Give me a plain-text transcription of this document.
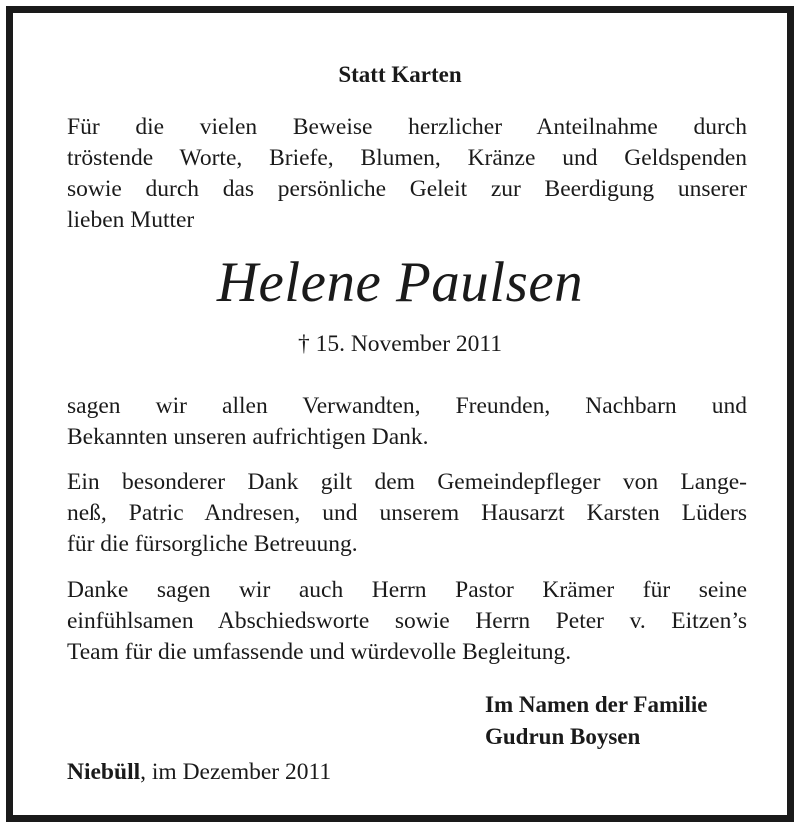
Statt Karten
Für die vielen Beweise herzlicher Anteilnahme durch
tröstende Worte, Briefe, Blumen, Kränze und Geldspenden
sowie durch das persönliche Geleit zur Beerdigung unserer
lieben Mutter
Helene Paulsen
† 15. November 2011
sagen wir allen Verwandten, Freunden, Nachbarn und
Bekannten unseren aufrichtigen Dank.
Ein besonderer Dank gilt dem Gemeindepfleger von Lange-
neß, Patric Andresen, und unserem Hausarzt Karsten Lüders
für die fürsorgliche Betreuung.
Danke sagen wir auch Herrn Pastor Krämer für seine
einfühlsamen Abschiedsworte sowie Herrn Peter v. Eitzen’s
Team für die umfassende und würdevolle Begleitung.
Im Namen der Familie
Gudrun Boysen
Niebüll, im Dezember 2011
